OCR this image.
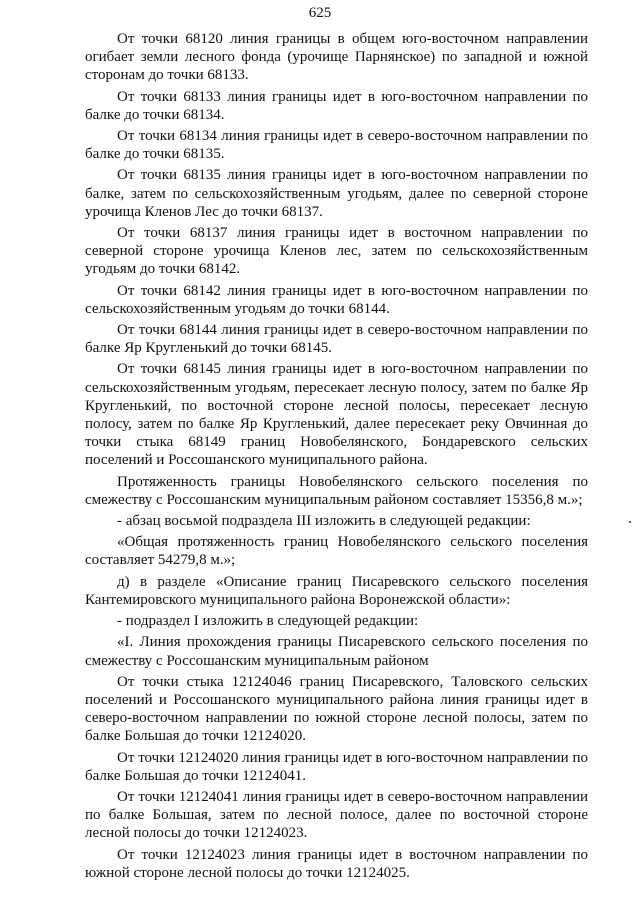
625

От точки 68120 линия границы в общем юго-восточном направлении огибает земли лесного фонда (урочище Парнянское) по западной и южной сторонам до точки 68133.

От точки 68133 линия границы идет в юго-восточном направлении по балке до точки 68134.

От точки 68134 линия границы идет в северо-восточном направлении по балке до точки 68135.

От точки 68135 линия границы идет в юго-восточном направлении по балке, затем по сельскохозяйственным угодьям, далее по северной стороне урочища Кленов Лес до точки 68137.

От точки 68137 линия границы идет в восточном направлении по северной стороне урочища Кленов лес, затем по сельскохозяйственным угодьям до точки 68142.

От точки 68142 линия границы идет в юго-восточном направлении по сельскохозяйственным угодьям до точки 68144.

От точки 68144 линия границы идет в северо-восточном направлении по балке Яр Кругленький до точки 68145.

От точки 68145 линия границы идет в юго-восточном направлении по сельскохозяйственным угодьям, пересекает лесную полосу, затем по балке Яр Кругленький, по восточной стороне лесной полосы, пересекает лесную полосу, затем по балке Яр Кругленький, далее пересекает реку Овчинная до точки стыка 68149 границ Новобелянского, Бондаревского сельских поселений и Россошанского муниципального района.

Протяженность границы Новобелянского сельского поселения по смежеству с Россошанским муниципальным районом составляет 15356,8 м.»;

- абзац восьмой подраздела III изложить в следующей редакции:

«Общая протяженность границ Новобелянского сельского поселения составляет 54279,8 м.»;

д) в разделе «Описание границ Писаревского сельского поселения Кантемировского муниципального района Воронежской области»:

- подраздел I изложить в следующей редакции:

«I. Линия прохождения границы Писаревского сельского поселения по смежеству с Россошанским муниципальным районом

От точки стыка 12124046 границ Писаревского, Таловского сельских поселений и Россошанского муниципального района линия границы идет в северо-восточном направлении по южной стороне лесной полосы, затем по балке Большая до точки 12124020.

От точки 12124020 линия границы идет в юго-восточном направлении по балке Большая до точки 12124041.

От точки 12124041 линия границы идет в северо-восточном направлении по балке Большая, затем по лесной полосе, далее по восточной стороне лесной полосы до точки 12124023.

От точки 12124023 линия границы идет в восточном направлении по южной стороне лесной полосы до точки 12124025.
